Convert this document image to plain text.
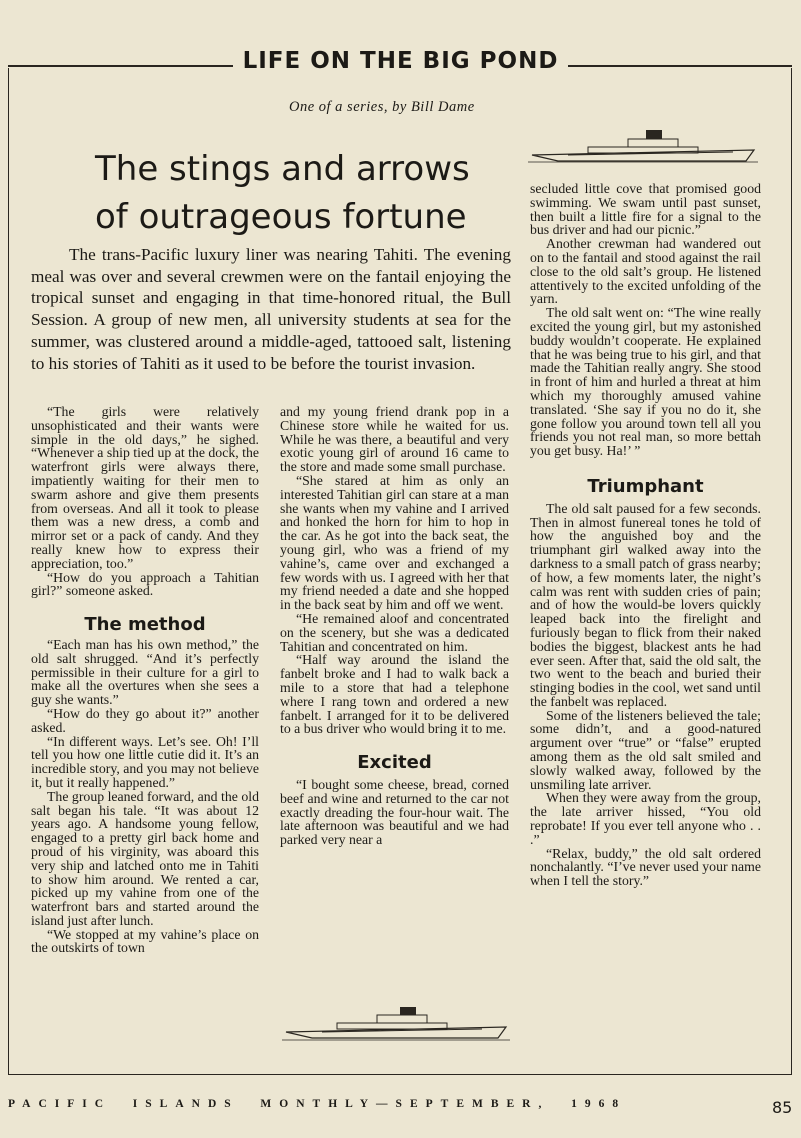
LIFE ON THE BIG POND
One of a series, by Bill Dame
The stings and arrows
of outrageous fortune

The trans-Pacific luxury liner was nearing Tahiti. The evening meal was over and several crewmen were on the fantail enjoying the tropical sunset and engaging in that time-honored ritual, the Bull Session. A group of new men, all university students at sea for the summer, was clustered around a middle-aged, tattooed salt, listening to his stories of Tahiti as it used to be before the tourist invasion.

“The girls were relatively unsophisticated and their wants were simple in the old days,” he sighed. “Whenever a ship tied up at the dock, the waterfront girls were always there, impatiently waiting for their men to swarm ashore and give them presents from overseas. And all it took to please them was a new dress, a comb and mirror set or a pack of candy. And they really knew how to express their appreciation, too.”

“How do you approach a Tahitian girl?” someone asked.

The method

“Each man has his own method,” the old salt shrugged. “And it’s perfectly permissible in their culture for a girl to make all the overtures when she sees a guy she wants.”

“How do they go about it?” another asked.

“In different ways. Let’s see. Oh! I’ll tell you how one little cutie did it. It’s an incredible story, and you may not believe it, but it really happened.”

The group leaned forward, and the old salt began his tale. “It was about 12 years ago. A handsome young fellow, engaged to a pretty girl back home and proud of his virginity, was aboard this very ship and latched onto me in Tahiti to show him around. We rented a car, picked up my vahine from one of the waterfront bars and started around the island just after lunch.

“We stopped at my vahine’s place on the outskirts of town

and my young friend drank pop in a Chinese store while he waited for us. While he was there, a beautiful and very exotic young girl of around 16 came to the store and made some small purchase.

“She stared at him as only an interested Tahitian girl can stare at a man she wants when my vahine and I arrived and honked the horn for him to hop in the car. As he got into the back seat, the young girl, who was a friend of my vahine’s, came over and exchanged a few words with us. I agreed with her that my friend needed a date and she hopped in the back seat by him and off we went.

“He remained aloof and concentrated on the scenery, but she was a dedicated Tahitian and concentrated on him.

“Half way around the island the fanbelt broke and I had to walk back a mile to a store that had a telephone where I rang town and ordered a new fanbelt. I arranged for it to be delivered to a bus driver who would bring it to me.

Excited

“I bought some cheese, bread, corned beef and wine and returned to the car not exactly dreading the four-hour wait. The late afternoon was beautiful and we had parked very near a

secluded little cove that promised good swimming. We swam until past sunset, then built a little fire for a signal to the bus driver and had our picnic.”

Another crewman had wandered out on to the fantail and stood against the rail close to the old salt’s group. He listened attentively to the excited unfolding of the yarn.

The old salt went on: “The wine really excited the young girl, but my astonished buddy wouldn’t cooperate. He explained that he was being true to his girl, and that made the Tahitian really angry. She stood in front of him and hurled a threat at him which my thoroughly amused vahine translated. ‘She say if you no do it, she gone follow you around town tell all you friends you not real man, so more bettah you get busy. Ha!’ ”

Triumphant

The old salt paused for a few seconds. Then in almost funereal tones he told of how the anguished boy and the triumphant girl walked away into the darkness to a small patch of grass nearby; of how, a few moments later, the night’s calm was rent with sudden cries of pain; and of how the would-be lovers quickly leaped back into the firelight and furiously began to flick from their naked bodies the biggest, blackest ants he had ever seen. After that, said the old salt, the two went to the beach and buried their stinging bodies in the cool, wet sand until the fanbelt was replaced.

Some of the listeners believed the tale; some didn’t, and a good-natured argument over “true” or “false” erupted among them as the old salt smiled and slowly walked away, followed by the unsmiling late arriver.

When they were away from the group, the late arriver hissed, “You old reprobate! If you ever tell anyone who . . .”

“Relax, buddy,” the old salt ordered nonchalantly. “I’ve never used your name when I tell the story.”

PACIFIC  ISLANDS  MONTHLY—SEPTEMBER,  1968	85
